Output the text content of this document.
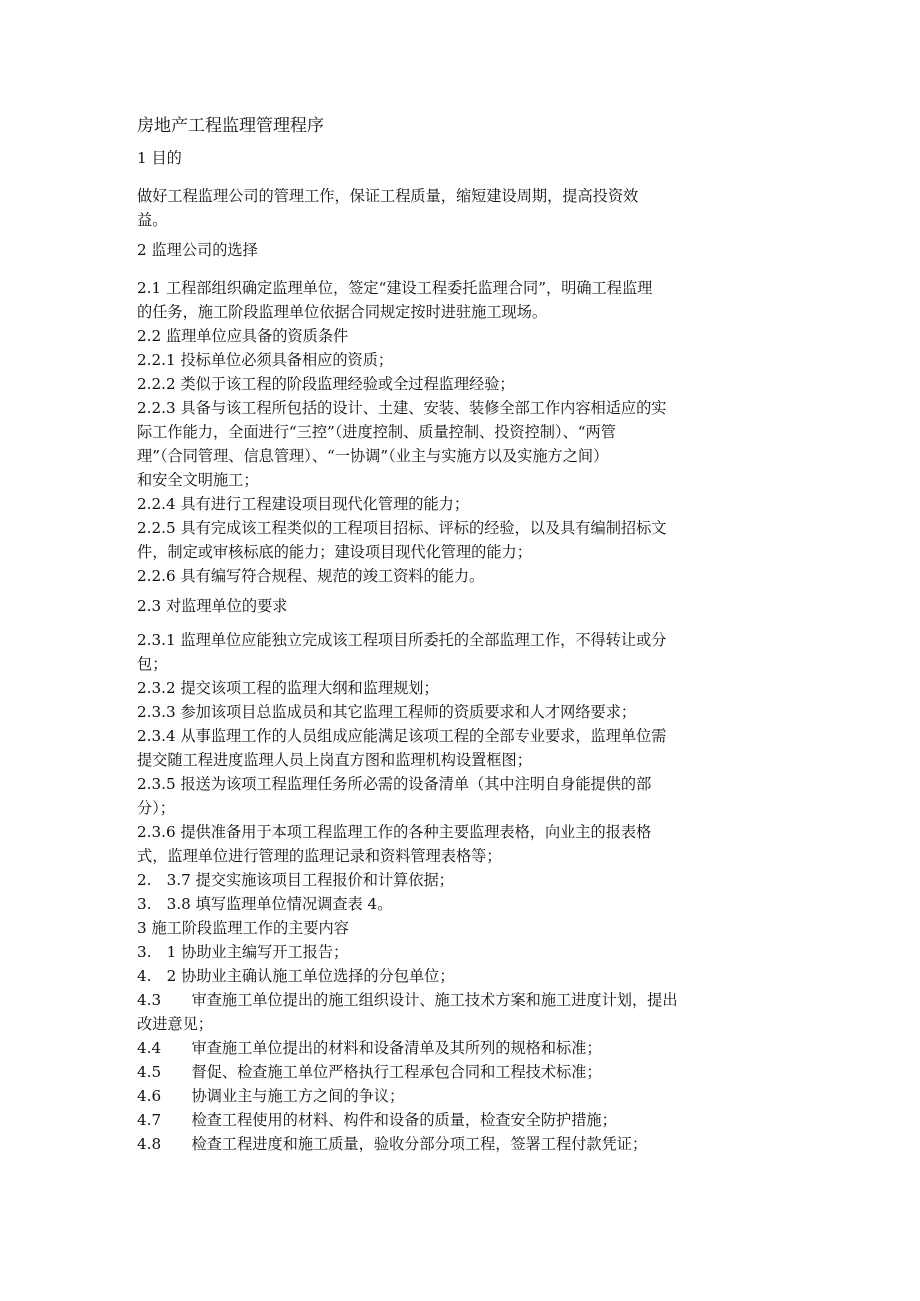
房地产工程监理管理程序

1 目的

做好工程监理公司的管理工作，保证工程质量，缩短建设周期，提高投资效

益。

2 监理公司的选择

2.1 工程部组织确定监理单位，签定“建设工程委托监理合同”，明确工程监理

的任务，施工阶段监理单位依据合同规定按时进驻施工现场。

2.2 监理单位应具备的资质条件

2.2.1 投标单位必须具备相应的资质；

2.2.2 类似于该工程的阶段监理经验或全过程监理经验；

2.2.3 具备与该工程所包括的设计、土建、安装、装修全部工作内容相适应的实

际工作能力，全面进行“三控”（进度控制、质量控制、投资控制）、“两管

理”（合同管理、信息管理）、“一协调”（业主与实施方以及实施方之间）

和安全文明施工；

2.2.4 具有进行工程建设项目现代化管理的能力；

2.2.5 具有完成该工程类似的工程项目招标、评标的经验，以及具有编制招标文

件，制定或审核标底的能力；建设项目现代化管理的能力；

2.2.6 具有编写符合规程、规范的竣工资料的能力。

2.3 对监理单位的要求

2.3.1 监理单位应能独立完成该工程项目所委托的全部监理工作，不得转让或分

包；

2.3.2 提交该项工程的监理大纲和监理规划；

2.3.3 参加该项目总监成员和其它监理工程师的资质要求和人才网络要求；

2.3.4 从事监理工作的人员组成应能满足该项工程的全部专业要求，监理单位需

提交随工程进度监理人员上岗直方图和监理机构设置框图；

2.3.5 报送为该项工程监理任务所必需的设备清单（其中注明自身能提供的部

分）；

2.3.6 提供准备用于本项工程监理工作的各种主要监理表格，向业主的报表格

式，监理单位进行管理的监理记录和资料管理表格等；

2.　3.7 提交实施该项目工程报价和计算依据；

3.　3.8 填写监理单位情况调查表 4。

3 施工阶段监理工作的主要内容

3.　1 协助业主编写开工报告；

4.　2 协助业主确认施工单位选择的分包单位；

4.3　　审查施工单位提出的施工组织设计、施工技术方案和施工进度计划，提出

改进意见；

4.4　　审查施工单位提出的材料和设备清单及其所列的规格和标准；

4.5　　督促、检查施工单位严格执行工程承包合同和工程技术标准；

4.6　　协调业主与施工方之间的争议；

4.7　　检查工程使用的材料、构件和设备的质量，检查安全防护措施；

4.8　　检查工程进度和施工质量，验收分部分项工程，签署工程付款凭证；
